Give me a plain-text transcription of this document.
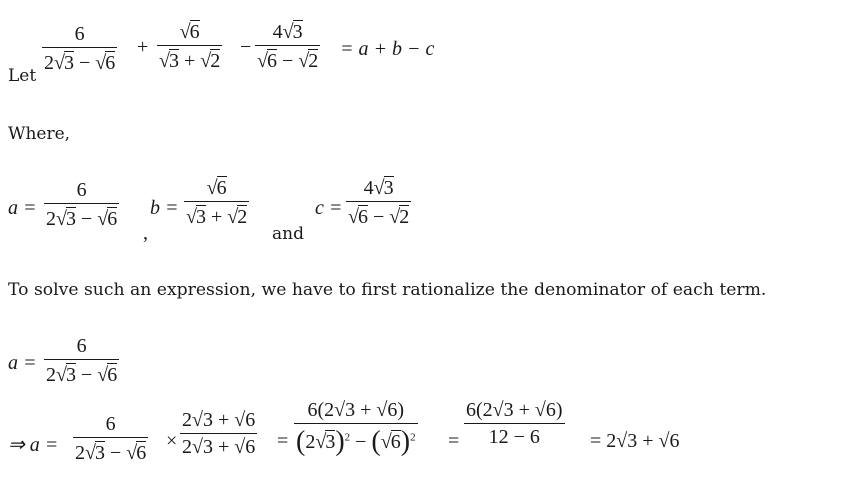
Let
6
2 √ 3 − √ 6
+
√ 6
√ 3 + √ 2
−
4 √ 3
√ 6 − √ 2
= a + b − c
Where,
a =
6
2 √ 3 − √ 6
,
b =
√ 6
√ 3 + √ 2
and
c =
4 √ 3
√ 6 − √ 2
To solve such an expression, we have to first rationalize the denominator of each term.
a =
6
2 √ 3 − √ 6
⇒ a =
6
2 √ 3 − √ 6
×
2√3 + √6
2√3 + √6 =
6(2√3 + √6)
(2 √ 3 )$^2$ − ( √ 6 )$^2$ =
6(2√3 + √6)
12 − 6	= 2√3 + √6
